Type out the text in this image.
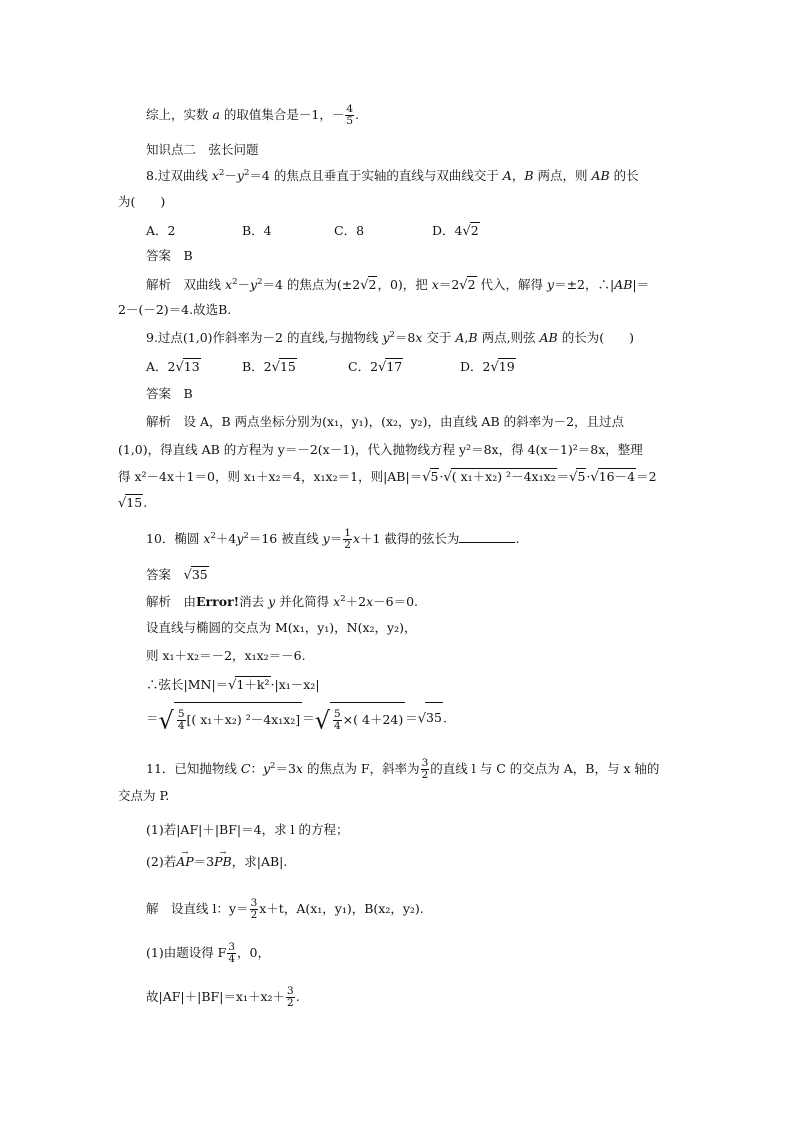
综上，实数 a 的取值集合是－1，－ $\frac{4}{5}$ .
知识点二　弦长问题
8.过双曲线 $x^2-y^2=4$ 的焦点且垂直于实轴的直线与双曲线交于 A，B 两点，则 AB 的长
为(　　)
A．2	B．4	C．8	D．4√2
答案　 B
解析　双曲线 $x^2-y^2=4$ 的焦点为(±2√2，0)，把 x＝2√2 代入，解得 y＝±2，∴|AB|＝
2－(－2)＝4.故选B.
9.过点(1,0)作斜率为－2 的直线,与抛物线 $y^2=8x$ 交于 A,B 两点,则弦 AB 的长为(　　)
A．2√13	B．2√15	C．2√17	D．2√19
答案　 B
解析　设 A，B 两点坐标分别为(x₁，y₁)，(x₂，y₂)，由直线 AB 的斜率为－2，且过点
(1,0)，得直线 AB 的方程为 y＝－2(x－1)，代入抛物线方程 y²＝8x，得 4(x－1)²＝8x，整理
得 x²－4x＋1＝0，则 x₁＋x₂＝4，x₁x₂＝1，则|AB|＝√5·√( x₁＋x₂) ²－4x₁x₂＝√5·√16－4＝2
√15.
10．椭圆 $x^2+4y^2=16$ 被直线 $y= \frac{1}{2} x+1$ 截得的弦长为	.
答案　 √35
解析　由Error!消去 y 并化简得 $x^2+2x-6=0$.
设直线与椭圆的交点为 M(x₁，y₁)，N(x₂，y₂)，
则 x₁＋x₂＝－2，x₁x₂＝－6.
∴弦长|MN|＝√1＋k²·|x₁－x₂|
＝√ $\frac{5}{4}$ [( x₁＋x₂) ²－4x₁x₂] ＝√ $\frac{5}{4}$ ×( 4＋24) ＝√35.
11．已知抛物线 C：$y^2=3x$ 的焦点为 F，斜率为 $\frac{3}{2}$ 的直线 l 与 C 的交点为 A，B，与 x 轴的
交点为 P.
(1)若|AF|＋|BF|＝4，求 l 的方程；
(2)若→ AP＝3→ PB，求|AB|.
解　设直线 l：$y= \frac{3}{2} x+t$，A(x₁，y₁)，B(x₂，y₂).
(1)由题设得 F $\frac{3}{4}$ ，0，
故$|AF|+|BF|=x_1+x_2+ \frac{3}{2}$ .
